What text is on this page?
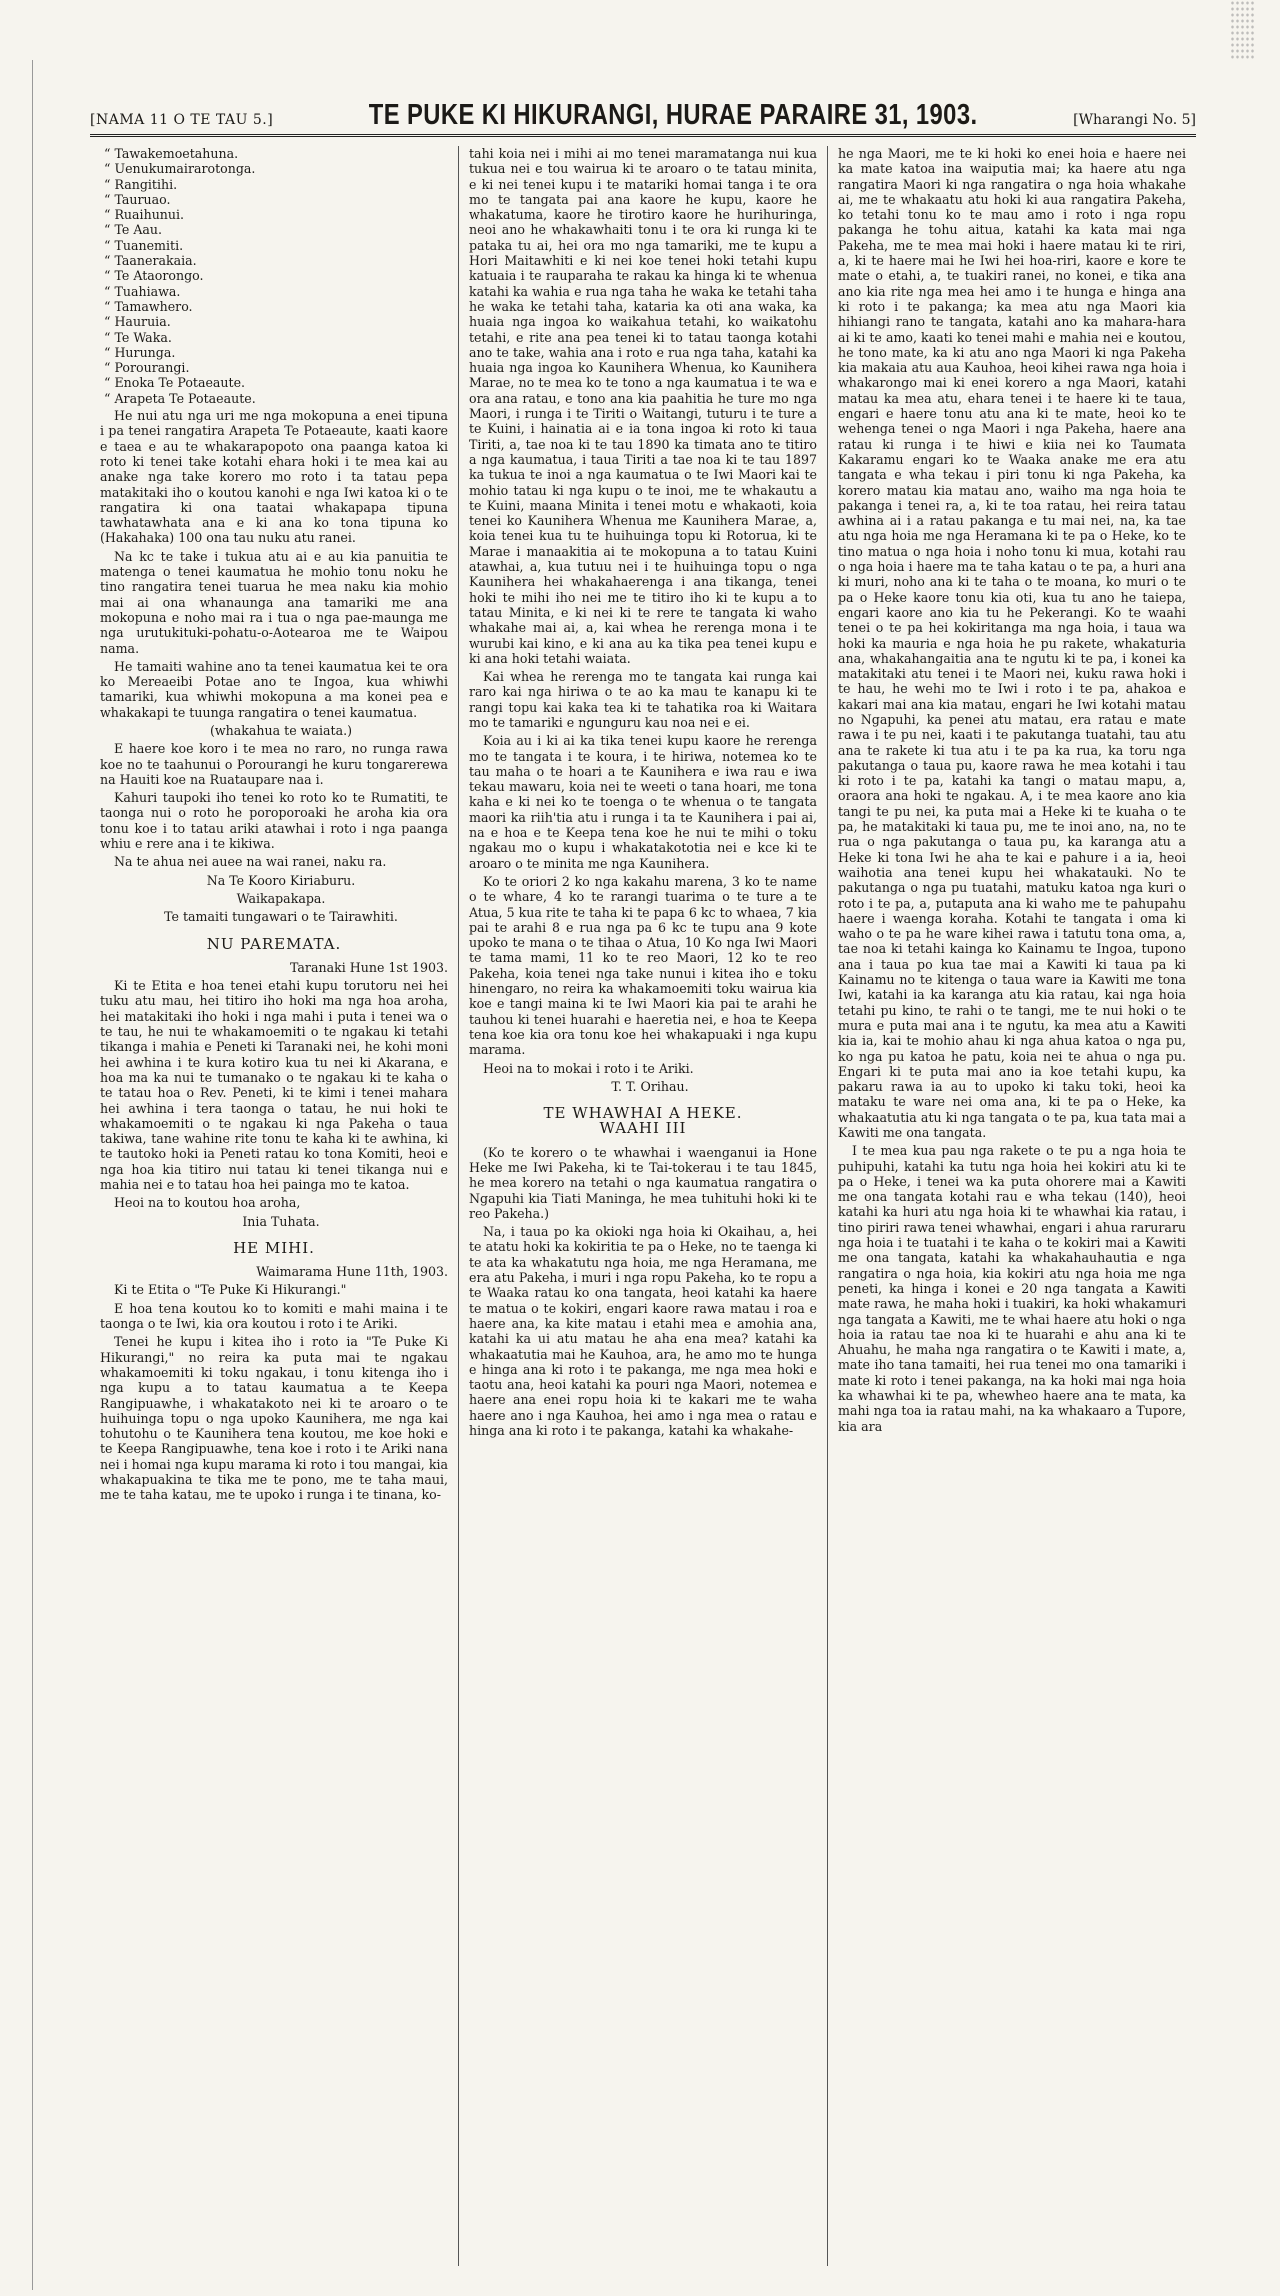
[NAMA 11 O TE TAU 5.]	TE PUKE KI HIKURANGI, HURAE PARAIRE 31, 1903.	[Wharangi No. 5]
“ Tawakemoetahuna.
“ Uenukumairarotonga.
“ Rangitihi.
“ Tauruao.
“ Ruaihunui.
“ Te Aau.
“ Tuanemiti.
“ Taanerakaia.
“ Te Ataorongo.
“ Tuahiawa.
“ Tamawhero.
“ Hauruia.
“ Te Waka.
“ Hurunga.
“ Porourangi.
“ Enoka Te Potaeaute.
“ Arapeta Te Potaeaute.

He nui atu nga uri me nga mokopuna a enei tipuna i pa tenei rangatira Arapeta Te Potaeaute, kaati kaore e taea e au te whakarapopoto ona paanga katoa ki roto ki tenei take kotahi ehara hoki i te mea kai au anake nga take korero mo roto i ta tatau pepa matakitaki iho o koutou kanohi e nga Iwi katoa ki o te rangatira ki ona taatai whakapapa tipuna tawhatawhata ana e ki ana ko tona tipuna ko (Hakahaka) 100 ona tau nuku atu ranei.

Na kc te take i tukua atu ai e au kia panuitia te matenga o tenei kaumatua he mohio tonu noku he tino rangatira tenei tuarua he mea naku kia mohio mai ai ona whanaunga ana tamariki me ana mokopuna e noho mai ra i tua o nga pae-maunga me nga urutukituki-pohatu-o-Aotearoa me te Waipou nama.

He tamaiti wahine ano ta tenei kaumatua kei te ora ko Mereaeibi Potae ano te Ingoa, kua whiwhi tamariki, kua whiwhi mokopuna a ma konei pea e whakakapi te tuunga rangatira o tenei kaumatua.

(whakahua te waiata.)

E haere koe koro i te mea no raro, no runga rawa koe no te taahunui o Porourangi he kuru tongarerewa na Hauiti koe na Ruataupare naa i.

Kahuri taupoki iho tenei ko roto ko te Rumatiti, te taonga nui o roto he poroporoaki he aroha kia ora tonu koe i to tatau ariki atawhai i roto i nga paanga whiu e rere ana i te kikiwa.

Na te ahua nei auee na wai ranei, naku ra.

Na Te Kooro Kiriaburu.

Waikapakapa.

Te tamaiti tungawari o te Tairawhiti.

NU PAREMATA.

Taranaki Hune 1st 1903.

Ki te Etita e hoa tenei etahi kupu torutoru nei hei tuku atu mau, hei titiro iho hoki ma nga hoa aroha, hei matakitaki iho hoki i nga mahi i puta i tenei wa o te tau, he nui te whakamoemiti o te ngakau ki tetahi tikanga i mahia e Peneti ki Taranaki nei, he kohi moni hei awhina i te kura kotiro kua tu nei ki Akarana, e hoa ma ka nui te tumanako o te ngakau ki te kaha o te tatau hoa o Rev. Peneti, ki te kimi i tenei mahara hei awhina i tera taonga o tatau, he nui hoki te whakamoemiti o te ngakau ki nga Pakeha o taua takiwa, tane wahine rite tonu te kaha ki te awhina, ki te tautoko hoki ia Peneti ratau ko tona Komiti, heoi e nga hoa kia titiro nui tatau ki tenei tikanga nui e mahia nei e to tatau hoa hei painga mo te katoa.

Heoi na to koutou hoa aroha,

Inia Tuhata.

HE MIHI.

Waimarama Hune 11th, 1903.

Ki te Etita o "Te Puke Ki Hikurangi."

E hoa tena koutou ko to komiti e mahi maina i te taonga o te Iwi, kia ora koutou i roto i te Ariki.

Tenei he kupu i kitea iho i roto ia "Te Puke Ki Hikurangi," no reira ka puta mai te ngakau whakamoemiti ki toku ngakau, i tonu kitenga iho i nga kupu a to tatau kaumatua a te Keepa Rangipuawhe, i whakatakoto nei ki te aroaro o te huihuinga topu o nga upoko Kaunihera, me nga kai tohutohu o te Kaunihera tena koutou, me koe hoki e te Keepa Rangipuawhe, tena koe i roto i te Ariki nana nei i homai nga kupu marama ki roto i tou mangai, kia whakapuakina te tika me te pono, me te taha maui, me te taha katau, me te upoko i runga i te tinana, ko-

tahi koia nei i mihi ai mo tenei maramatanga nui kua tukua nei e tou wairua ki te aroaro o te tatau minita, e ki nei tenei kupu i te matariki homai tanga i te ora mo te tangata pai ana kaore he kupu, kaore he whakatuma, kaore he tirotiro kaore he hurihuringa, neoi ano he whakawhaiti tonu i te ora ki runga ki te pataka tu ai, hei ora mo nga tamariki, me te kupu a Hori Maitawhiti e ki nei koe tenei hoki tetahi kupu katuaia i te rauparaha te rakau ka hinga ki te whenua katahi ka wahia e rua nga taha he waka ke tetahi taha he waka ke tetahi taha, kataria ka oti ana waka, ka huaia nga ingoa ko waikahua tetahi, ko waikatohu tetahi, e rite ana pea tenei ki to tatau taonga kotahi ano te take, wahia ana i roto e rua nga taha, katahi ka huaia nga ingoa ko Kaunihera Whenua, ko Kaunihera Marae, no te mea ko te tono a nga kaumatua i te wa e ora ana ratau, e tono ana kia paahitia he ture mo nga Maori, i runga i te Tiriti o Waitangi, tuturu i te ture a te Kuini, i hainatia ai e ia tona ingoa ki roto ki taua Tiriti, a, tae noa ki te tau 1890 ka timata ano te titiro a nga kaumatua, i taua Tiriti a tae noa ki te tau 1897 ka tukua te inoi a nga kaumatua o te Iwi Maori kai te mohio tatau ki nga kupu o te inoi, me te whakautu a te Kuini, maana Minita i tenei motu e whakaoti, koia tenei ko Kaunihera Whenua me Kaunihera Marae, a, koia tenei kua tu te huihuinga topu ki Rotorua, ki te Marae i manaakitia ai te mokopuna a to tatau Kuini atawhai, a, kua tutuu nei i te huihuinga topu o nga Kaunihera hei whakahaerenga i ana tikanga, tenei hoki te mihi iho nei me te titiro iho ki te kupu a to tatau Minita, e ki nei ki te rere te tangata ki waho whakahe mai ai, a, kai whea he rerenga mona i te wurubi kai kino, e ki ana au ka tika pea tenei kupu e ki ana hoki tetahi waiata.

Kai whea he rerenga mo te tangata kai runga kai raro kai nga hiriwa o te ao ka mau te kanapu ki te rangi topu kai kaka tea ki te tahatika roa ki Waitara mo te tamariki e ngunguru kau noa nei e ei.

Koia au i ki ai ka tika tenei kupu kaore he rerenga mo te tangata i te koura, i te hiriwa, notemea ko te tau maha o te hoari a te Kaunihera e iwa rau e iwa tekau mawaru, koia nei te weeti o tana hoari, me tona kaha e ki nei ko te toenga o te whenua o te tangata maori ka riih'tia atu i runga i ta te Kaunihera i pai ai, na e hoa e te Keepa tena koe he nui te mihi o toku ngakau mo o kupu i whakatakototia nei e kce ki te aroaro o te minita me nga Kaunihera.

Ko te oriori 2 ko nga kakahu marena, 3 ko te name o te whare, 4 ko te rarangi tuarima o te ture a te Atua, 5 kua rite te taha ki te papa 6 kc to whaea, 7 kia pai te arahi 8 e rua nga pa 6 kc te tupu ana 9 kote upoko te mana o te tihaa o Atua, 10 Ko nga Iwi Maori te tama mami, 11 ko te reo Maori, 12 ko te reo Pakeha, koia tenei nga take nunui i kitea iho e toku hinengaro, no reira ka whakamoemiti toku wairua kia koe e tangi maina ki te Iwi Maori kia pai te arahi he tauhou ki tenei huarahi e haeretia nei, e hoa te Keepa tena koe kia ora tonu koe hei whakapuaki i nga kupu marama.

Heoi na to mokai i roto i te Ariki.

T. T. Orihau.

TE WHAWHAI A HEKE.
WAAHI III

(Ko te korero o te whawhai i waenganui ia Hone Heke me Iwi Pakeha, ki te Tai-tokerau i te tau 1845, he mea korero na tetahi o nga kaumatua rangatira o Ngapuhi kia Tiati Maninga, he mea tuhituhi hoki ki te reo Pakeha.)

Na, i taua po ka okioki nga hoia ki Okaihau, a, hei te atatu hoki ka kokiritia te pa o Heke, no te taenga ki te ata ka whakatutu nga hoia, me nga Heramana, me era atu Pakeha, i muri i nga ropu Pakeha, ko te ropu a te Waaka ratau ko ona tangata, heoi katahi ka haere te matua o te kokiri, engari kaore rawa matau i roa e haere ana, ka kite matau i etahi mea e amohia ana, katahi ka ui atu matau he aha ena mea? katahi ka whakaatutia mai he Kauhoa, ara, he amo mo te hunga e hinga ana ki roto i te pakanga, me nga mea hoki e taotu ana, heoi katahi ka pouri nga Maori, notemea e haere ana enei ropu hoia ki te kakari me te waha haere ano i nga Kauhoa, hei amo i nga mea o ratau e hinga ana ki roto i te pakanga, katahi ka whakahe-

he nga Maori, me te ki hoki ko enei hoia e haere nei ka mate katoa ina waiputia mai; ka haere atu nga rangatira Maori ki nga rangatira o nga hoia whakahe ai, me te whakaatu atu hoki ki aua rangatira Pakeha, ko tetahi tonu ko te mau amo i roto i nga ropu pakanga he tohu aitua, katahi ka kata mai nga Pakeha, me te mea mai hoki i haere matau ki te riri, a, ki te haere mai he Iwi hei hoa-riri, kaore e kore te mate o etahi, a, te tuakiri ranei, no konei, e tika ana ano kia rite nga mea hei amo i te hunga e hinga ana ki roto i te pakanga; ka mea atu nga Maori kia hihiangi rano te tangata, katahi ano ka mahara-hara ai ki te amo, kaati ko tenei mahi e mahia nei e koutou, he tono mate, ka ki atu ano nga Maori ki nga Pakeha kia makaia atu aua Kauhoa, heoi kihei rawa nga hoia i whakarongo mai ki enei korero a nga Maori, katahi matau ka mea atu, ehara tenei i te haere ki te taua, engari e haere tonu atu ana ki te mate, heoi ko te wehenga tenei o nga Maori i nga Pakeha, haere ana ratau ki runga i te hiwi e kiia nei ko Taumata Kakaramu engari ko te Waaka anake me era atu tangata e wha tekau i piri tonu ki nga Pakeha, ka korero matau kia matau ano, waiho ma nga hoia te pakanga i tenei ra, a, ki te toa ratau, hei reira tatau awhina ai i a ratau pakanga e tu mai nei, na, ka tae atu nga hoia me nga Heramana ki te pa o Heke, ko te tino matua o nga hoia i noho tonu ki mua, kotahi rau o nga hoia i haere ma te taha katau o te pa, a huri ana ki muri, noho ana ki te taha o te moana, ko muri o te pa o Heke kaore tonu kia oti, kua tu ano he taiepa, engari kaore ano kia tu he Pekerangi. Ko te waahi tenei o te pa hei kokiritanga ma nga hoia, i taua wa hoki ka mauria e nga hoia he pu rakete, whakaturia ana, whakahangaitia ana te ngutu ki te pa, i konei ka matakitaki atu tenei i te Maori nei, kuku rawa hoki i te hau, he wehi mo te Iwi i roto i te pa, ahakoa e kakari mai ana kia matau, engari he Iwi kotahi matau no Ngapuhi, ka penei atu matau, era ratau e mate rawa i te pu nei, kaati i te pakutanga tuatahi, tau atu ana te rakete ki tua atu i te pa ka rua, ka toru nga pakutanga o taua pu, kaore rawa he mea kotahi i tau ki roto i te pa, katahi ka tangi o matau mapu, a, oraora ana hoki te ngakau. A, i te mea kaore ano kia tangi te pu nei, ka puta mai a Heke ki te kuaha o te pa, he matakitaki ki taua pu, me te inoi ano, na, no te rua o nga pakutanga o taua pu, ka karanga atu a Heke ki tona Iwi he aha te kai e pahure i a ia, heoi waihotia ana tenei kupu hei whakatauki. No te pakutanga o nga pu tuatahi, matuku katoa nga kuri o roto i te pa, a, putaputa ana ki waho me te pahupahu haere i waenga koraha. Kotahi te tangata i oma ki waho o te pa he ware kihei rawa i tatutu tona oma, a, tae noa ki tetahi kainga ko Kainamu te Ingoa, tupono ana i taua po kua tae mai a Kawiti ki taua pa ki Kainamu no te kitenga o taua ware ia Kawiti me tona Iwi, katahi ia ka karanga atu kia ratau, kai nga hoia tetahi pu kino, te rahi o te tangi, me te nui hoki o te mura e puta mai ana i te ngutu, ka mea atu a Kawiti kia ia, kai te mohio ahau ki nga ahua katoa o nga pu, ko nga pu katoa he patu, koia nei te ahua o nga pu. Engari ki te puta mai ano ia koe tetahi kupu, ka pakaru rawa ia au to upoko ki taku toki, heoi ka mataku te ware nei oma ana, ki te pa o Heke, ka whakaatutia atu ki nga tangata o te pa, kua tata mai a Kawiti me ona tangata.

I te mea kua pau nga rakete o te pu a nga hoia te puhipuhi, katahi ka tutu nga hoia hei kokiri atu ki te pa o Heke, i tenei wa ka puta ohorere mai a Kawiti me ona tangata kotahi rau e wha tekau (140), heoi katahi ka huri atu nga hoia ki te whawhai kia ratau, i tino piriri rawa tenei whawhai, engari i ahua raruraru nga hoia i te tuatahi i te kaha o te kokiri mai a Kawiti me ona tangata, katahi ka whakahauhautia e nga rangatira o nga hoia, kia kokiri atu nga hoia me nga peneti, ka hinga i konei e 20 nga tangata a Kawiti mate rawa, he maha hoki i tuakiri, ka hoki whakamuri nga tangata a Kawiti, me te whai haere atu hoki o nga hoia ia ratau tae noa ki te huarahi e ahu ana ki te Ahuahu, he maha nga rangatira o te Kawiti i mate, a, mate iho tana tamaiti, hei rua tenei mo ona tamariki i mate ki roto i tenei pakanga, na ka hoki mai nga hoia ka whawhai ki te pa, whewheo haere ana te mata, ka mahi nga toa ia ratau mahi, na ka whakaaro a Tupore, kia ara
